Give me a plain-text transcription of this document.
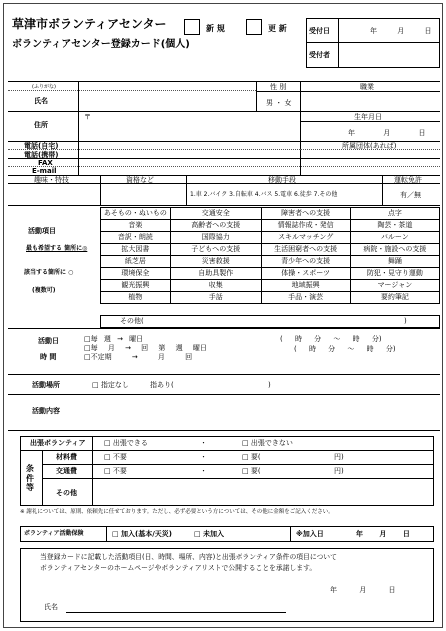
草津市ボランティアセンター
ボランティアセンター登録カード(個人)
新 規	更 新	受付日	年 月 日
受付者
(ふりがな)
氏名
性 別
男 ・ 女
職業
住所
〒	生年月日
年 月 日
電話(自宅)
電話(携帯)
所属団体(あれば)
FAX
E-mail
趣味・特技	資格など	移動手段
1.車 2.バイク 3.自転車 4.バス 5.電車 6.徒歩 7.その他
運転免許
有／無
活動項目
最も希望する 箇所に◎
該当する箇所に ○
(複数可)
あそもの・ぬいもの	交通安全	障害者への支援	点字
音楽	高齢者への支援	情報誌作成・発信	陶芸・茶道
音訳・朗読	国際協力	スキルマッチング	バルーン
拡大図書	子どもへの支援	生活困窮者への支援	病院・施設への支援
紙芝居	災害救援	青少年への支援	舞踊
環境保全	自助具製作	体操・スポーツ	防犯・見守り運動
観光振興	収集	地域振興	マージャン
植物	手話	手品・演芸	要約筆記
その他(	)
活動日
時 間
□毎 週 → 曜日	( 時 分 ～ 時 分)
□毎 月 → 回 第 週 曜日	( 時 分 ～ 時 分)
□不定期 → 月 回
活動場所	□ 指定なし	指あり(	)
活動内容
出張ボランティア	□ 出張できる	・	□ 出張できない
条件等
材料費	□ 不要	・	□ 要(	円)
交通費	□ 不要	・	□ 要(	円)
その他
※ 謝礼については、原則、依頼先に任せております。ただし、必ず必要という方については、その他に金額をご記入ください。
ボランティア活動保険	□ 加入(基本/天災)	□ 未加入	※加入日	年 月 日
当登録カードに記載した活動項目(日、時間、場所、内容)と出張ボランティア条件の項目について
ボランティアセンターのホームページやボランティアリストで公開することを承諾します。
年 月 日
氏名
